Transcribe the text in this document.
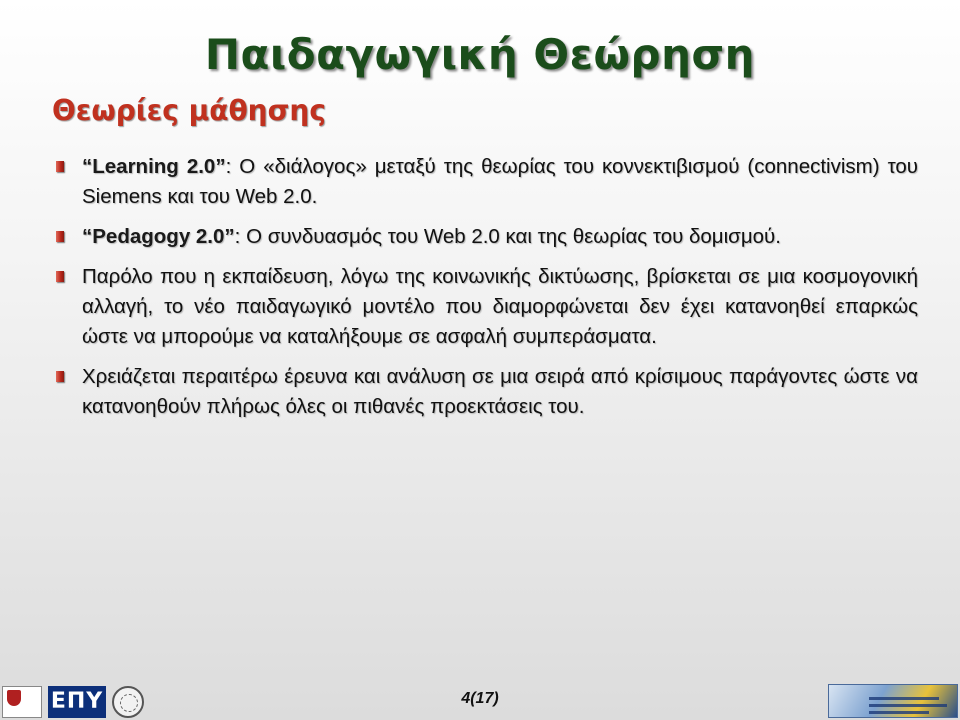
Παιδαγωγική Θεώρηση
Θεωρίες μάθησης
“Learning 2.0”: Ο «διάλογος» μεταξύ της θεωρίας του κοννεκτιβισμού (connectivism) του Siemens και του Web 2.0.
“Pedagogy 2.0”: Ο συνδυασμός του Web 2.0 και της θεωρίας του δομισμού.
Παρόλο που η εκπαίδευση, λόγω της κοινωνικής δικτύωσης, βρίσκεται σε μια κοσμογονική αλλαγή, το νέο παιδαγωγικό μοντέλο που διαμορφώνεται δεν έχει κατανοηθεί επαρκώς ώστε να μπορούμε να καταλήξουμε σε ασφαλή συμπεράσματα.
Χρειάζεται περαιτέρω έρευνα και ανάλυση σε μια σειρά από κρίσιμους παράγοντες ώστε να κατανοηθούν πλήρως όλες οι πιθανές προεκτάσεις του.
ΕΠΥ	4(17)
